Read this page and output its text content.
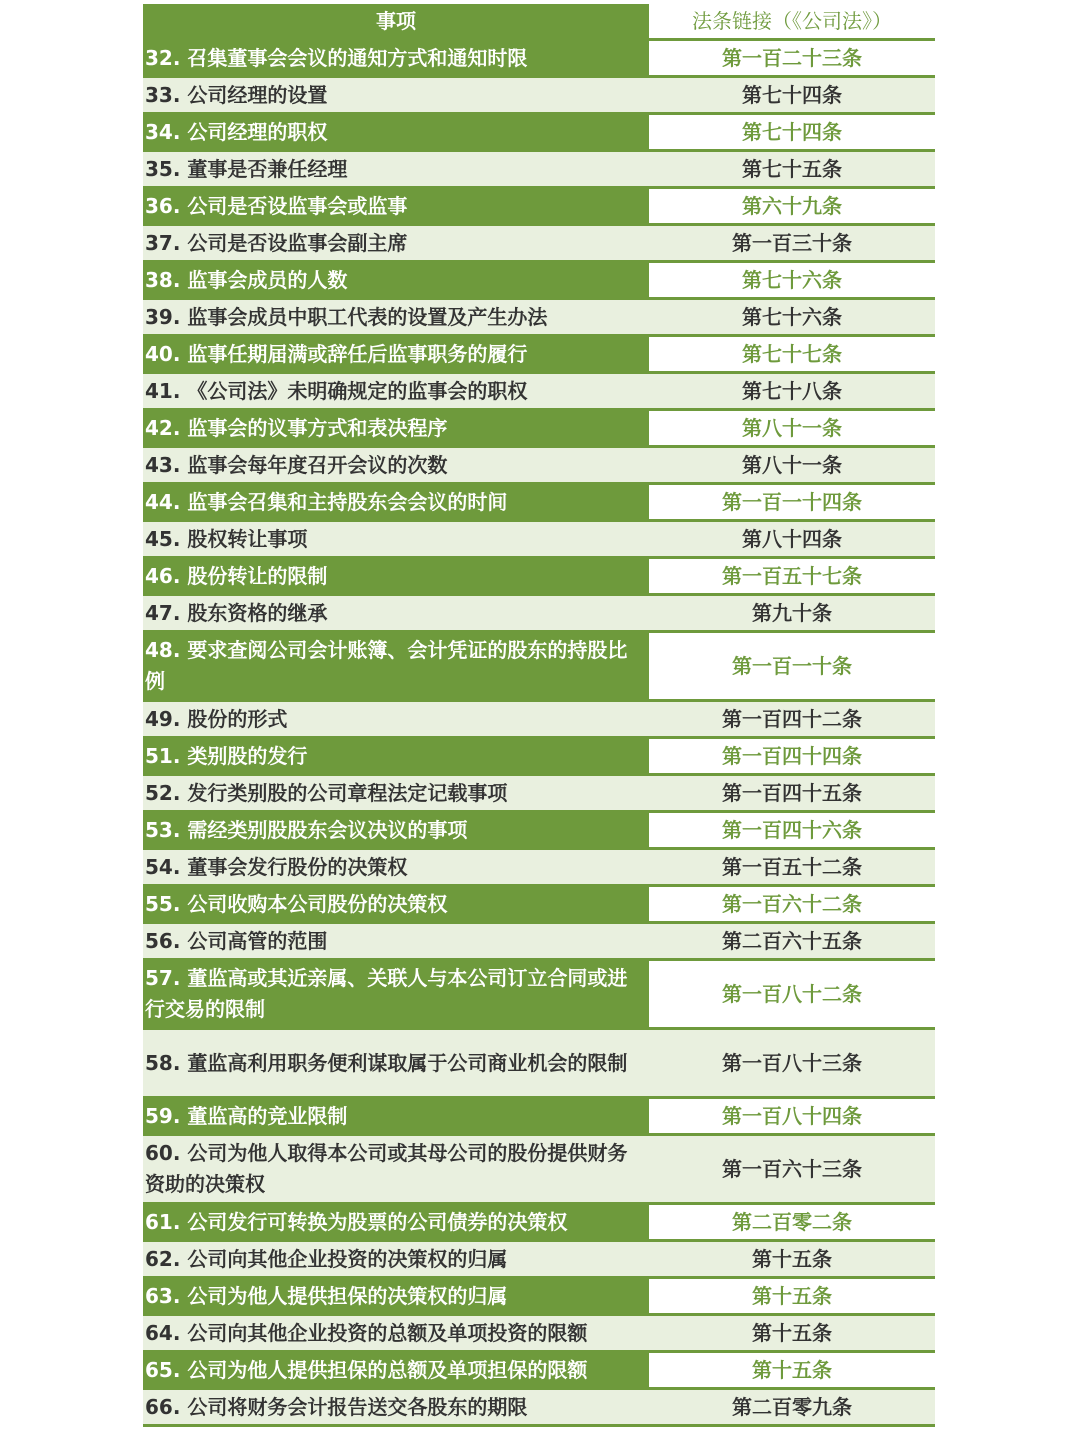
事项	法条链接（《公司法》）
32. 召集董事会会议的通知方式和通知时限	第一百二十三条
33. 公司经理的设置	第七十四条
34. 公司经理的职权	第七十四条
35. 董事是否兼任经理	第七十五条
36. 公司是否设监事会或监事	第六十九条
37. 公司是否设监事会副主席	第一百三十条
38. 监事会成员的人数	第七十六条
39. 监事会成员中职工代表的设置及产生办法	第七十六条
40. 监事任期届满或辞任后监事职务的履行	第七十七条
41. 《公司法》未明确规定的监事会的职权	第七十八条
42. 监事会的议事方式和表决程序	第八十一条
43. 监事会每年度召开会议的次数	第八十一条
44. 监事会召集和主持股东会会议的时间	第一百一十四条
45. 股权转让事项	第八十四条
46. 股份转让的限制	第一百五十七条
47. 股东资格的继承	第九十条
48. 要求查阅公司会计账簿、会计凭证的股东的持股比例	第一百一十条
49. 股份的形式	第一百四十二条
51. 类别股的发行	第一百四十四条
52. 发行类别股的公司章程法定记载事项	第一百四十五条
53. 需经类别股股东会议决议的事项	第一百四十六条
54. 董事会发行股份的决策权	第一百五十二条
55. 公司收购本公司股份的决策权	第一百六十二条
56. 公司高管的范围	第二百六十五条
57. 董监高或其近亲属、关联人与本公司订立合同或进行交易的限制	第一百八十二条
58. 董监高利用职务便利谋取属于公司商业机会的限制	第一百八十三条
59. 董监高的竞业限制	第一百八十四条
60. 公司为他人取得本公司或其母公司的股份提供财务资助的决策权	第一百六十三条
61. 公司发行可转换为股票的公司债券的决策权	第二百零二条
62. 公司向其他企业投资的决策权的归属	第十五条
63. 公司为他人提供担保的决策权的归属	第十五条
64. 公司向其他企业投资的总额及单项投资的限额	第十五条
65. 公司为他人提供担保的总额及单项担保的限额	第十五条
66. 公司将财务会计报告送交各股东的期限	第二百零九条
